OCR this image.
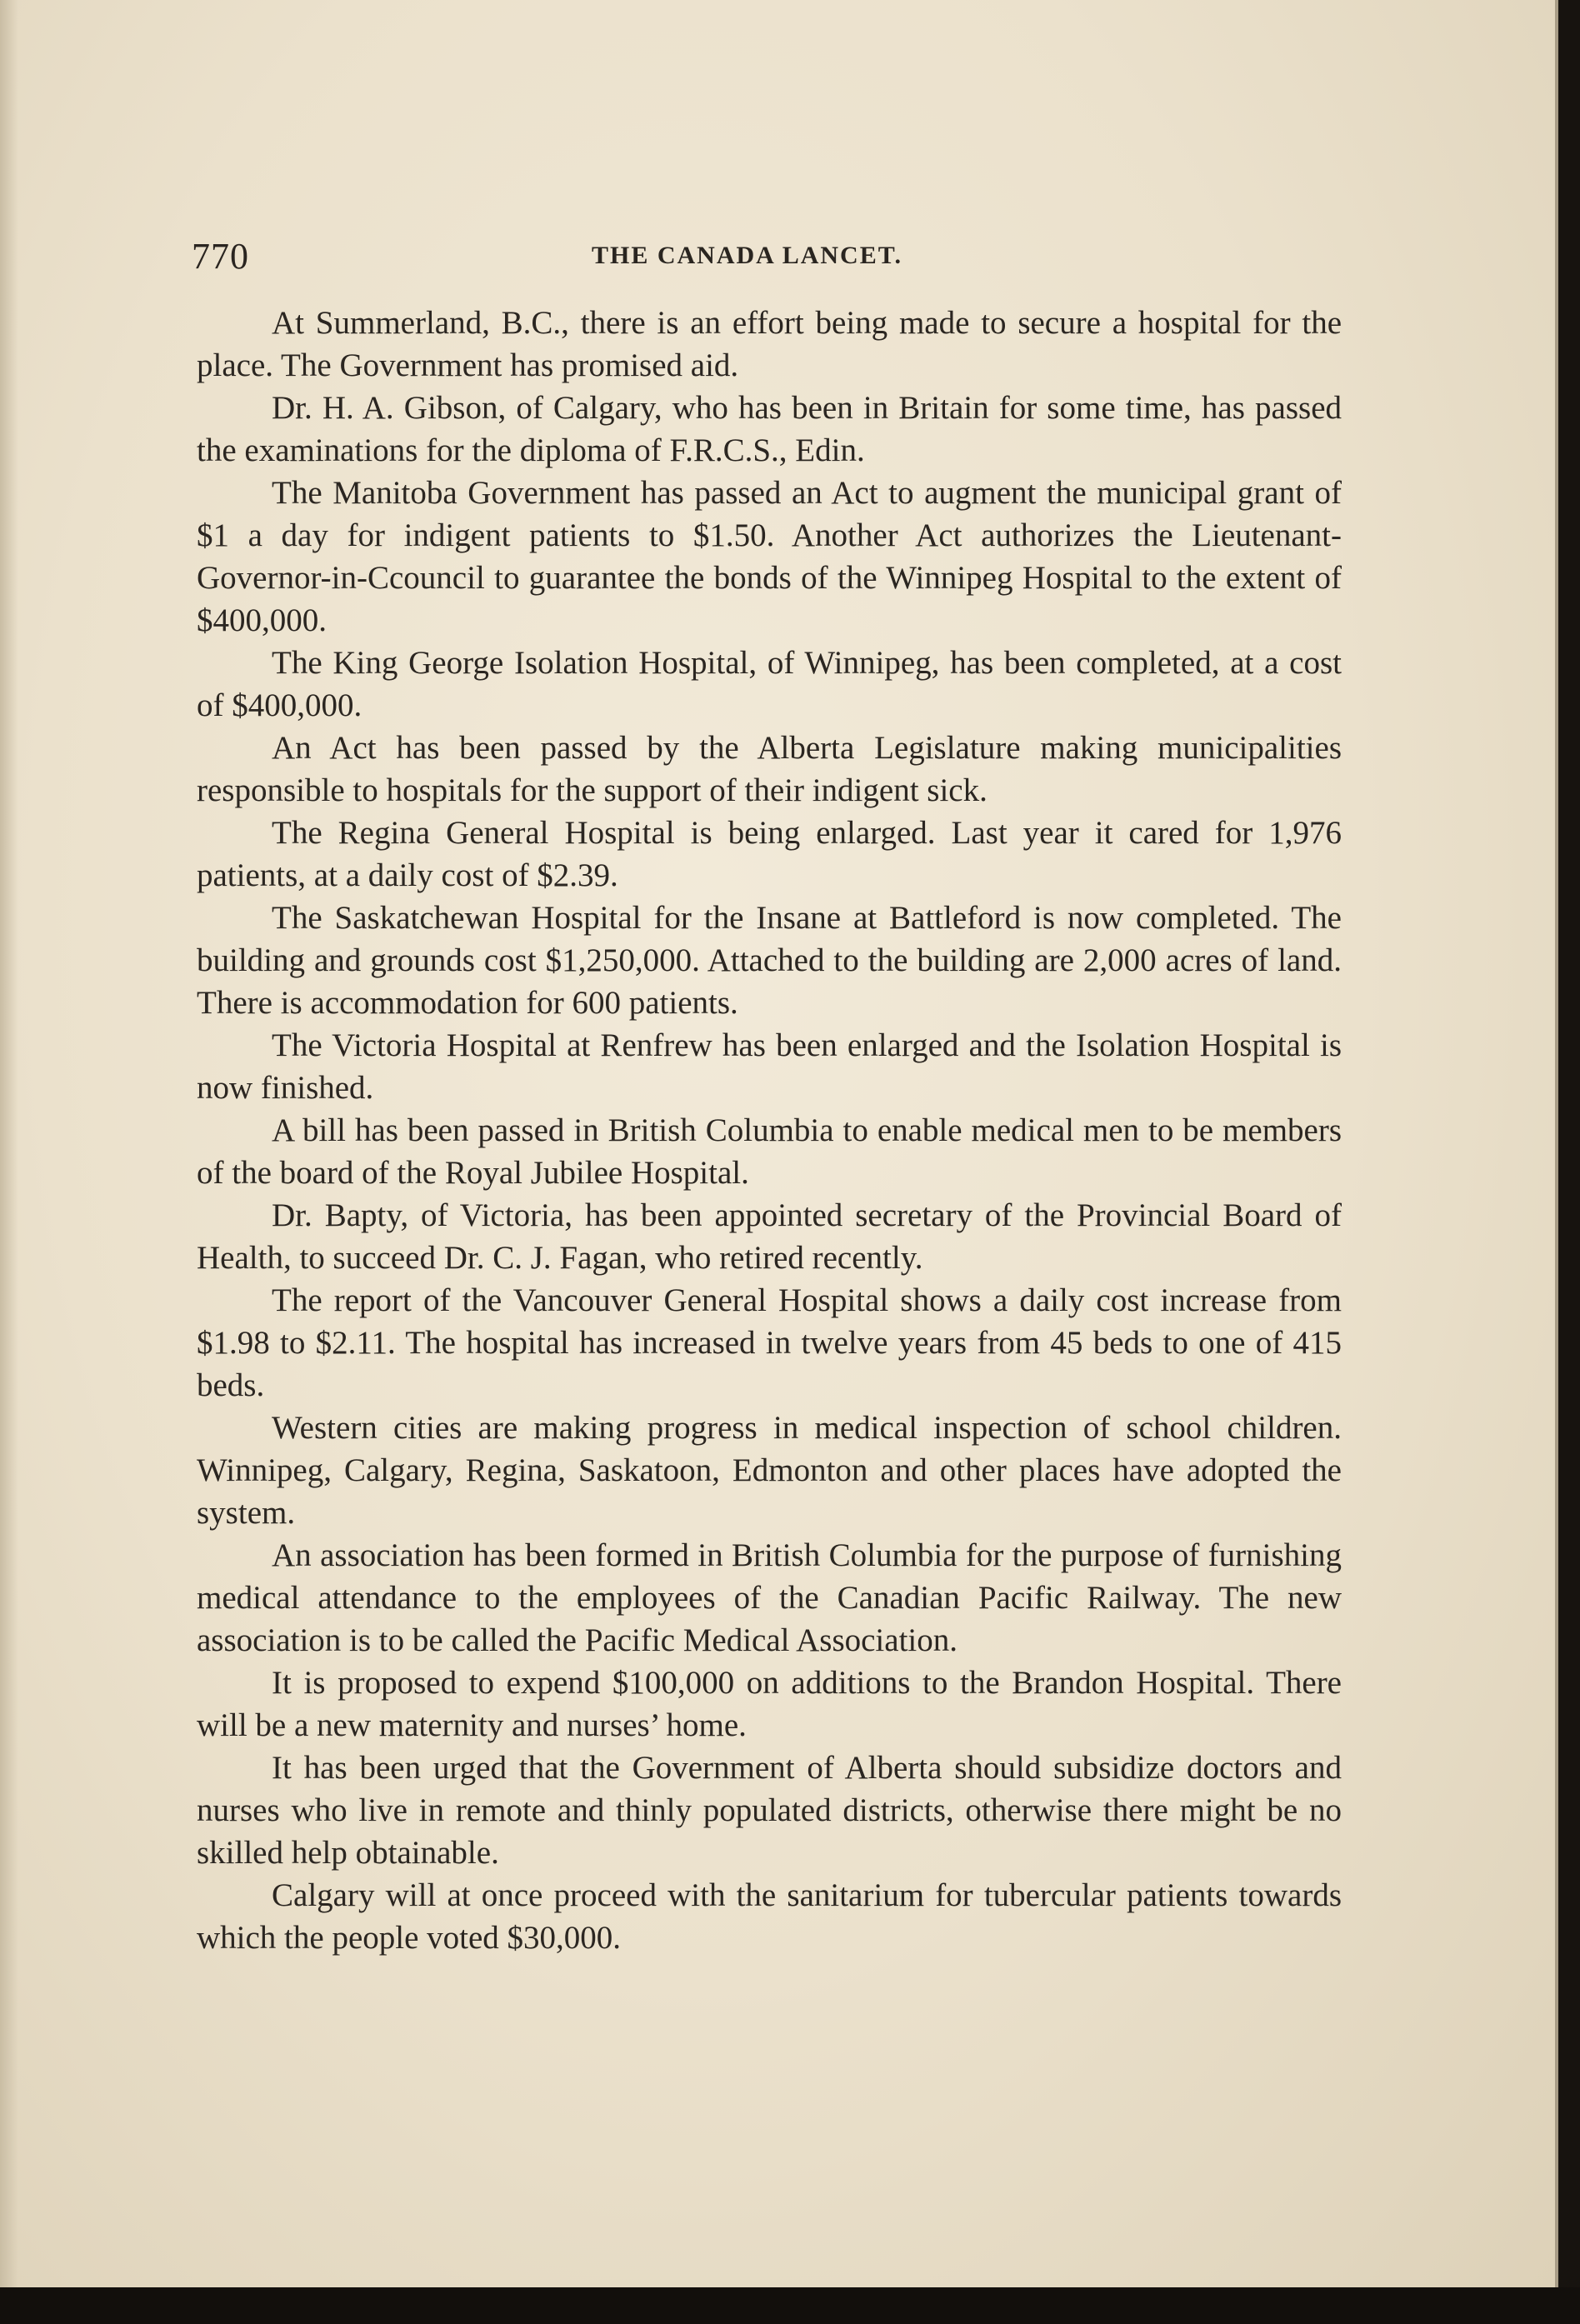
770	THE CANADA LANCET.

At Summerland, B.C., there is an effort being made to secure a hospital for the place. The Government has promised aid.

Dr. H. A. Gibson, of Calgary, who has been in Britain for some time, has passed the examinations for the diploma of F.R.C.S., Edin.

The Manitoba Government has passed an Act to augment the municipal grant of $1 a day for indigent patients to $1.50. Another Act authorizes the Lieutenant-Governor-in-Ccouncil to guarantee the bonds of the Winnipeg Hospital to the extent of $400,000.

The King George Isolation Hospital, of Winnipeg, has been completed, at a cost of $400,000.

An Act has been passed by the Alberta Legislature making municipalities responsible to hospitals for the support of their indigent sick.

The Regina General Hospital is being enlarged. Last year it cared for 1,976 patients, at a daily cost of $2.39.

The Saskatchewan Hospital for the Insane at Battleford is now completed. The building and grounds cost $1,250,000. Attached to the building are 2,000 acres of land. There is accommodation for 600 patients.

The Victoria Hospital at Renfrew has been enlarged and the Isolation Hospital is now finished.

A bill has been passed in British Columbia to enable medical men to be members of the board of the Royal Jubilee Hospital.

Dr. Bapty, of Victoria, has been appointed secretary of the Provincial Board of Health, to succeed Dr. C. J. Fagan, who retired recently.

The report of the Vancouver General Hospital shows a daily cost increase from $1.98 to $2.11. The hospital has increased in twelve years from 45 beds to one of 415 beds.

Western cities are making progress in medical inspection of school children. Winnipeg, Calgary, Regina, Saskatoon, Edmonton and other places have adopted the system.

An association has been formed in British Columbia for the purpose of furnishing medical attendance to the employees of the Canadian Pacific Railway. The new association is to be called the Pacific Medical Association.

It is proposed to expend $100,000 on additions to the Brandon Hospital. There will be a new maternity and nurses’ home.

It has been urged that the Government of Alberta should subsidize doctors and nurses who live in remote and thinly populated districts, otherwise there might be no skilled help obtainable.

Calgary will at once proceed with the sanitarium for tubercular patients towards which the people voted $30,000.
